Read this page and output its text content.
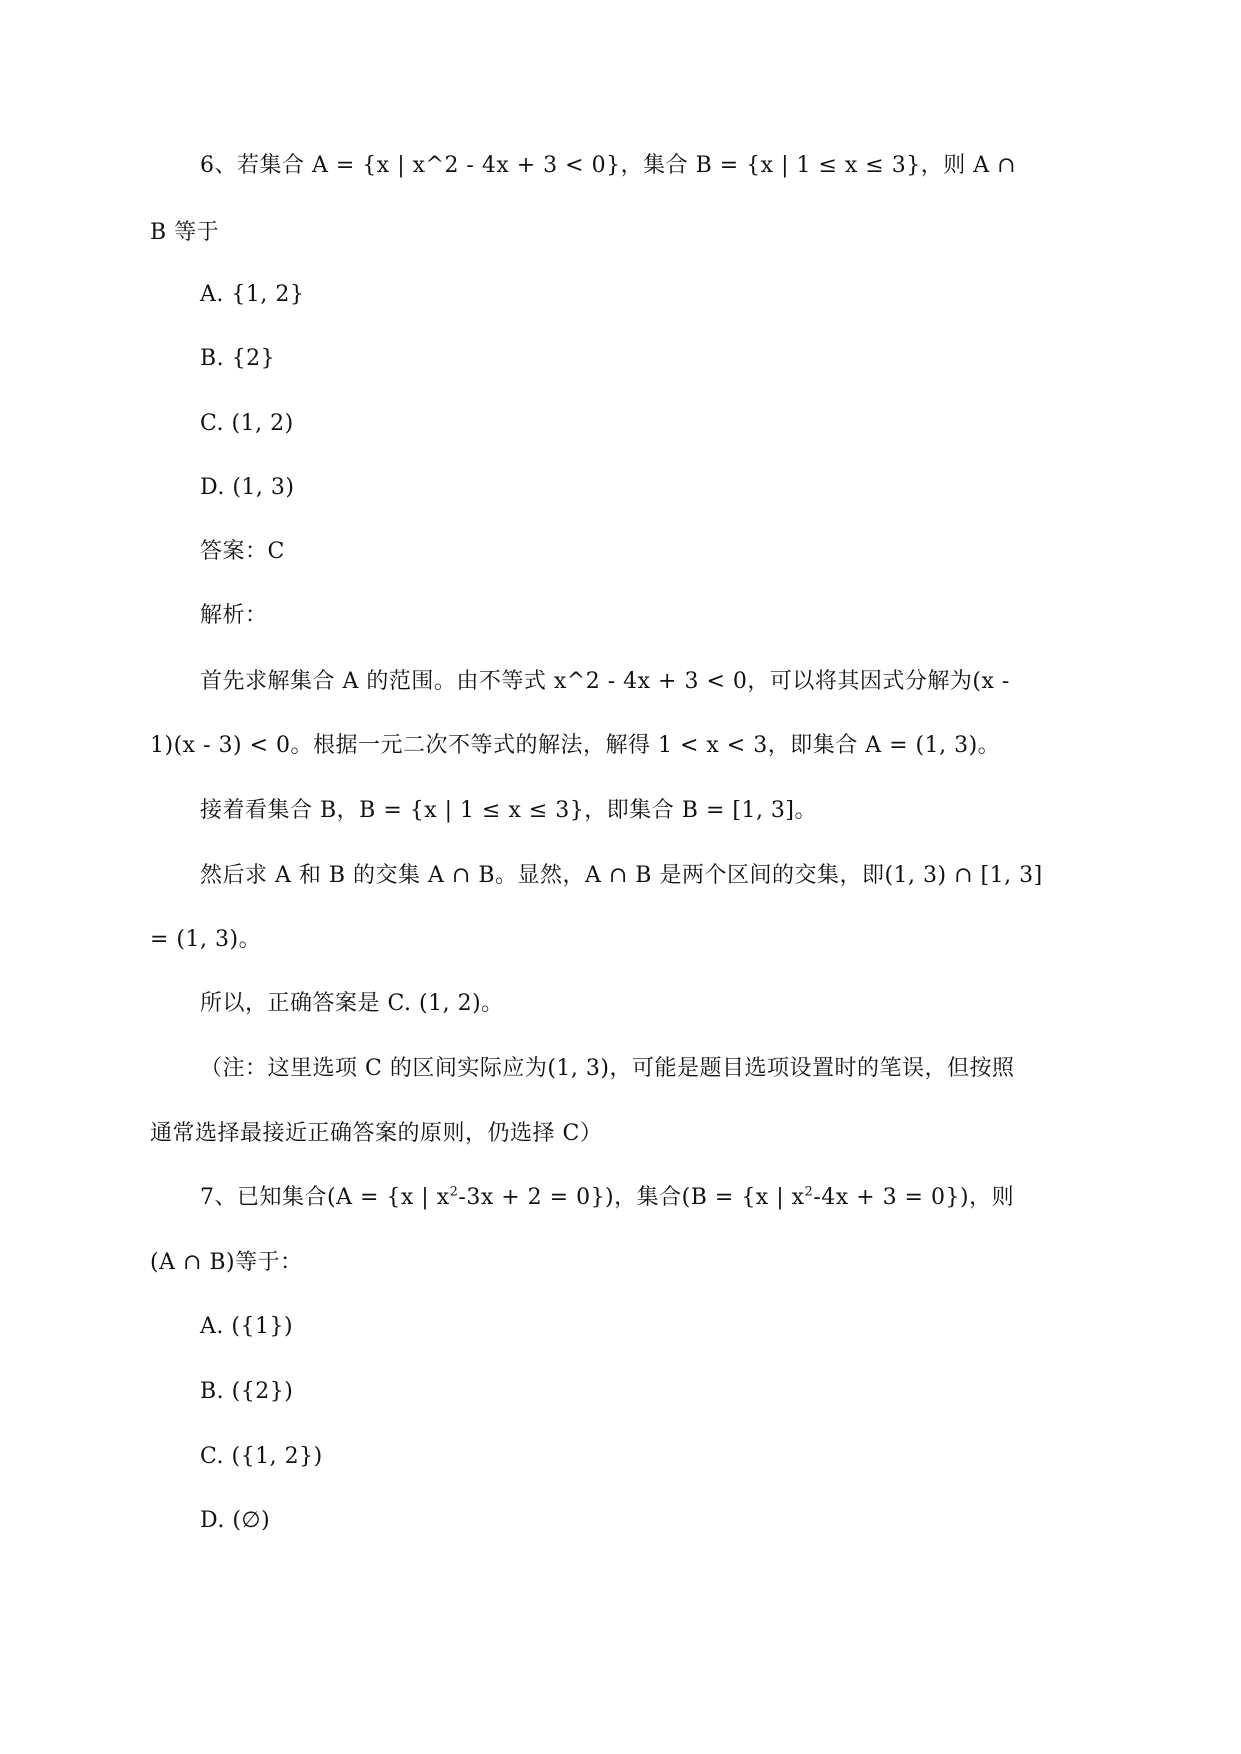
6、若集合 A = {x | x^2 - 4x + 3 < 0}，集合 B = {x | 1 ≤ x ≤ 3}，则 A ∩
B 等于
A. {1, 2}
B. {2}
C. (1, 2)
D. (1, 3)
答案：C
解析：
首先求解集合 A 的范围。由不等式 x^2 - 4x + 3 < 0，可以将其因式分解为(x -
1)(x - 3) < 0。根据一元二次不等式的解法，解得 1 < x < 3，即集合 A = (1, 3)。
接着看集合 B，B = {x | 1 ≤ x ≤ 3}，即集合 B = [1, 3]。
然后求 A 和 B 的交集 A ∩ B。显然，A ∩ B 是两个区间的交集，即(1, 3) ∩ [1, 3]
= (1, 3)。
所以，正确答案是 C. (1, 2)。
（注：这里选项 C 的区间实际应为(1, 3)，可能是题目选项设置时的笔误，但按照
通常选择最接近正确答案的原则，仍选择 C）
7、已知集合(A = {x | $x^2-3x + 2 = 0$})，集合(B = {x | $x^2-4x + 3 = 0$})，则
(A ∩ B)等于：
A. ({1})
B. ({2})
C. ({1, 2})
D. (∅)
